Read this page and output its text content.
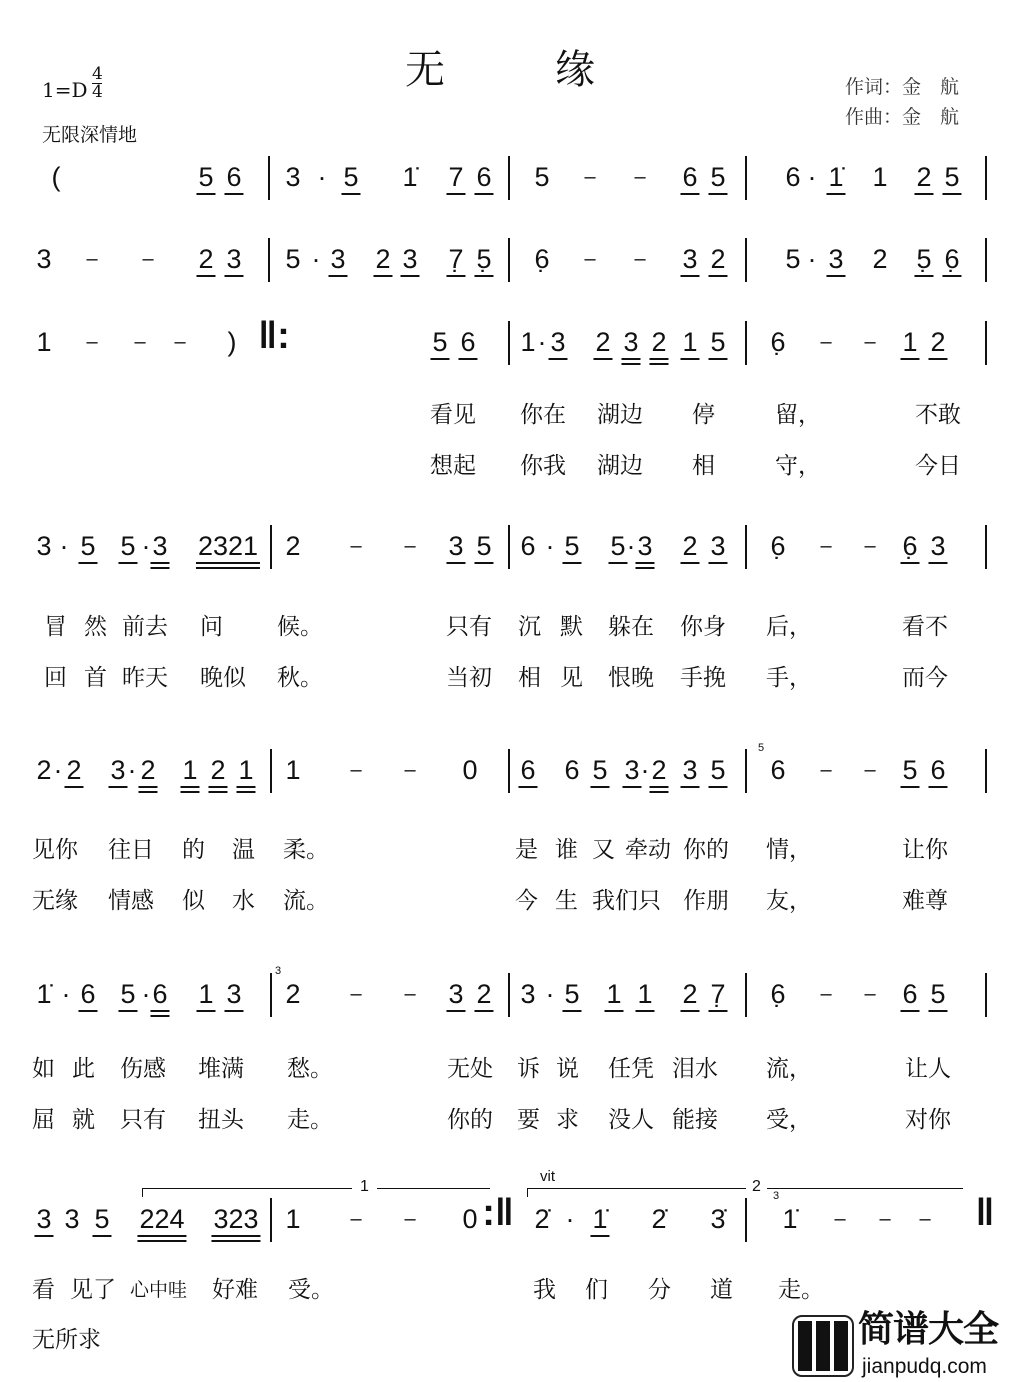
无	缘
1=D
4
4
无限深情地
作词：金　航
作曲：金　航
(	5 6 3 · 5 1̇ 7 6 5 – – 6 5 6 · 1̇ 1 2 5
3 – – 2 3 5 · 3 2 3 7̣ 5̣ 6̣ – – 3 2 5 · 3 2 5̣ 6̣
1 – – – ) ‖:	5 6 1 · 3 2 3 2 1 5 6̣ – – 1 2
看见 你在 湖边 停	留，	不敢
想起 你我 湖边 相	守，	今日
3 · 5 5 · 3 2321 2 – – 3 5 6 · 5 5 · 3 2 3 6̣ – – 6̣ 3
冒 然 前去 问 候。	只有 沉 默 躲在 你身 后，	看不
回 首 昨天 晚似 秋。	当初 相 见 恨晚 手挽 手，	而今
2 · 2 3 · 2 1 2 1 1 – – 0 6 6 5 3 · 2 3 5 6 – – 5 6
见你 往日 的 温 柔。	是 谁 又 牵动 你的 情，	让你
无缘 情感 似 水 流。	今 生 我们只 作朋 友，	难尊
1̇ · 6 5 · 6 1 3 2 – – 3 2 3 · 5 1 1 2 7̣ 6̣ – – 6 5
如 此 伤感 堆满 愁。	无处 诉 说 任凭 泪水 流，	让人
屈 就 只有 扭头 走。	你的 要 求 没人 能接 受，	对你
3 3 5 224 323 1 – – 0 :‖ 2̇ · 1̇ 2̇ 3̇ 1̇ – – – ‖
看 见了 心中哇 好难 受。	我 们 分 道 走。
无所求
vit
1	2
5
3
3
简谱大全
jianpudq.com
